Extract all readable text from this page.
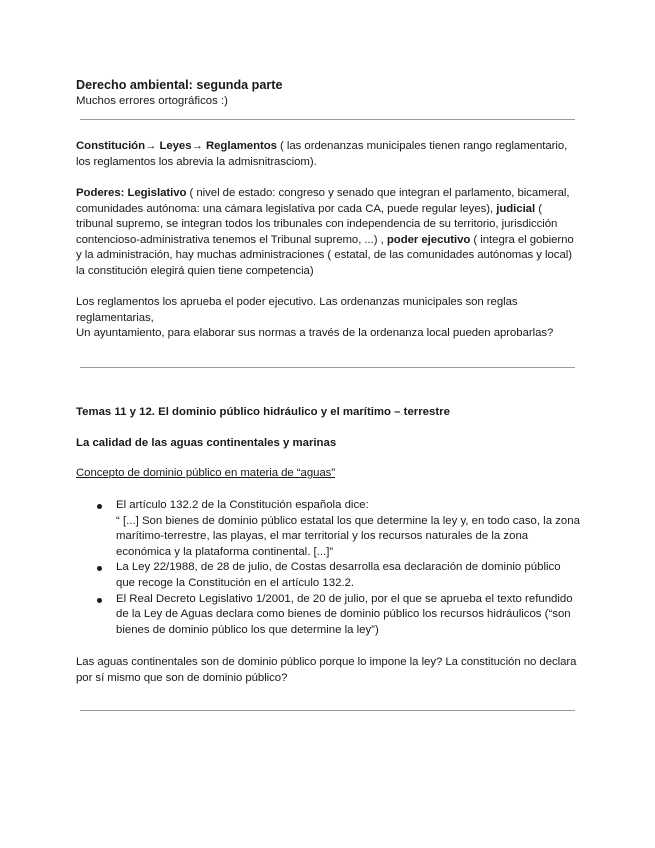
Derecho ambiental: segunda parte
Muchos errores ortográficos :)
Constitución→ Leyes→ Reglamentos ( las ordenanzas municipales tienen rango reglamentario, los reglamentos los abrevia la admisnitrasciom).
Poderes: Legislativo ( nivel de estado: congreso y senado que integran el parlamento, bicameral, comunidades autónoma: una cámara legislativa por cada CA, puede regular leyes), judicial ( tribunal supremo, se integran todos los tribunales con independencia de su territorio, jurisdicción contencioso-administrativa tenemos el Tribunal supremo, ...) , poder ejecutivo ( integra el gobierno y la administración, hay muchas administraciones ( estatal, de las comunidades autónomas y local) la constitución elegirá quien tiene competencia)
Los reglamentos los aprueba el poder ejecutivo. Las ordenanzas municipales son reglas reglamentarias,
Un ayuntamiento, para elaborar sus normas a través de la ordenanza local pueden aprobarlas?
Temas 11 y 12. El dominio público hidráulico y el marítimo – terrestre
La calidad de las aguas continentales y marinas
Concepto de dominio público en materia de “aguas”
El artículo 132.2 de la Constitución española dice:
“ [...] Son bienes de dominio público estatal los que determine la ley y, en todo caso, la zona marítimo-terrestre, las playas, el mar territorial y los recursos naturales de la zona económica y la plataforma continental. [...]”
La Ley 22/1988, de 28 de julio, de Costas desarrolla esa declaración de dominio público que recoge la Constitución en el artículo 132.2.
El Real Decreto Legislativo 1/2001, de 20 de julio, por el que se aprueba el texto refundido de la Ley de Aguas declara como bienes de dominio público los recursos hidráulicos (“son bienes de dominio público los que determine la ley”)
Las aguas continentales son de dominio público porque lo impone la ley? La constitución no declara por sí mismo que son de dominio público?
